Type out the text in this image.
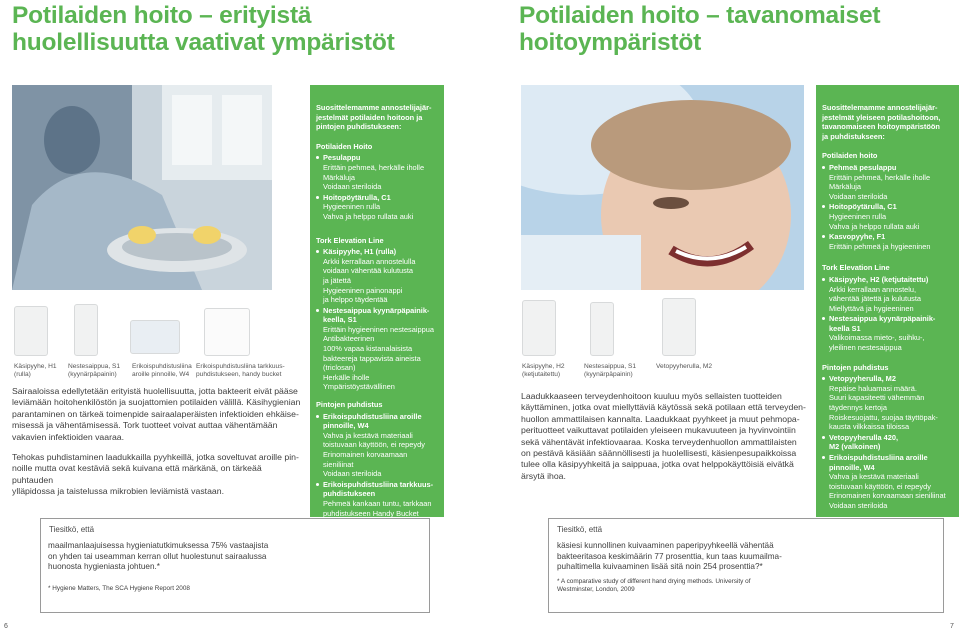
Potilaiden hoito – erityistä
huolellisuutta vaativat ympäristöt
Potilaiden hoito – tavanomaiset
hoitoympäristöt
Suosittelemamme annostelijajär-
jestelmät potilaiden hoitoon ja
pintojen puhdistukseen:
Potilaiden Hoito
Pesulappu
Erittäin pehmeä, herkälle iholle
Märkäluja
Voidaan steriloida
Hoitopöytärulla, C1
Hygieeninen rulla
Vahva ja helppo rullata auki
Tork Elevation Line
Käsipyyhe, H1 (rulla)
Arkki kerrallaan annostelulla
voidaan vähentää kulutusta
ja jätettä
Hygieeninen painonappi
ja helppo täydentää
Nestesaippua kyynärpäpainik-
keella, S1
Erittäin hygieeninen nestesaippua
Antibakteerinen
100% vapaa kistanalaisista
bakteereja tappavista aineista
(triclosan)
Herkälle iholle
Ympäristöystävällinen
Pintojen puhdistus
Erikoispuhdistusliina aroille
pinnoille, W4
Vahva ja kestävä materiaali
toistuvaan käyttöön, ei repeydy
Erinomainen korvaamaan sieniliinat
Voidaan steriloida
Erikoispuhdistusliina tarkkuus-
puhdistukseen
Pehmeä kankaan tuntu, tarkkaan
puhdistukseen Handy Bucket

Suosittelemamme annostelijajär-
jestelmät yleiseen potilashoitoon,
tavanomaiseen hoitoympäristöön
ja puhdistukseen:
Potilaiden hoito
Pehmeä pesulappu
Erittäin pehmeä, herkälle iholle
Märkäluja
Voidaan steriloida
Hoitopöytärulla, C1
Hygieeninen rulla
Vahva ja helppo rullata auki
Kasvopyyhe, F1
Erittäin pehmeä ja hygieeninen
Tork Elevation Line
Käsipyyhe, H2 (ketjutaitettu)
Arkki kerrallaan annostelu,
vähentää jätettä ja kulutusta
Miellyttävä ja hygieeninen
Nestesaippua kyynärpäpainik-
keella S1
Valikoimassa mieto-, suihku-,
yleilinen nestesaippua
Pintojen puhdistus
Vetopyyherulla, M2
Repäise haluamasi määrä.
Suuri kapasiteetti vähemmän
täydennys kertoja
Roiskesuojattu, suojaa täyttöpak-
kausta vilkkaissa tiloissa
Vetopyyherulla 420,
M2 (valkoinen)
Erikoispuhdistusliina aroille
pinnoille, W4
Vahva ja kestävä materiaali
toistuvaan käyttöön, ei repeydy
Erinomainen korvaamaan sieniliinat
Voidaan steriloida
Käsipyyhe, H1
(rulla)
Nestesaippua, S1
(kyynärpäpainin)
Erikoispuhdistusliina
aroille pinnoille, W4
Erikoispuhdistusliina tarkkuus-
puhdistukseen, handy bucket
Käsipyyhe, H2
(ketjutaitettu)
Nestesaippua, S1
(kyynärpäpainin)
Vetopyyherulla, M2
Sairaaloissa edellytetään erityistä huolellisuutta, jotta bakteerit eivät pääse
leviämään hoitohenkilöstön ja suojattomien potilaiden välillä. Käsihygienian
parantaminen on tärkeä toimenpide sairaalaperäisten infektioiden ehkäise-
misessä ja vähentämisessä. Tork tuotteet voivat auttaa vähentämään
vakavien infektioiden vaaraa.
Tehokas puhdistaminen laadukkailla pyyhkeillä, jotka soveltuvat aroille pin-
noille mutta ovat kestäviä sekä kuivana että märkänä, on tärkeää puhtauden
ylläpidossa ja taistelussa mikrobien leviämistä vastaan.
Laadukkaaseen terveydenhoitoon kuuluu myös sellaisten tuotteiden
käyttäminen, jotka ovat miellyttäviä käytössä sekä potilaan että terveyden-
huollon ammattilaisen kannalta. Laadukkaat pyyhkeet ja muut pehmopa-
perituotteet vaikuttavat potilaiden yleiseen mukavuuteen ja hyvinvointiin
sekä vähentävät infektiovaaraa. Koska terveydenhuollon ammattilaisten
on pestävä käsiään säännöllisesti ja huolellisesti, käsienpesupaikkoissa
tulee olla käsipyyhkeitä ja saippuaa, jotka ovat helppokäyttöisiä eivätkä
ärsytä ihoa.
Tiesitkö, että
maailmanlaajuisessa hygieniatutkimuksessa 75% vastaajista
on yhden tai useamman kerran ollut huolestunut sairaalussa
huonosta hygieniasta johtuen.*
* Hygiene Matters, The SCA Hygiene Report 2008
Tiesitkö, että
käsiesi kunnollinen kuivaaminen paperipyyhkeellä vähentää
bakteeritasoa keskimäärin 77 prosenttia, kun taas kuumailma-
puhaltimella kuivaaminen lisää sitä noin 254 prosenttia?*
* A comparative study of different hand drying methods. University of
Westminster, London, 2009
6	7
